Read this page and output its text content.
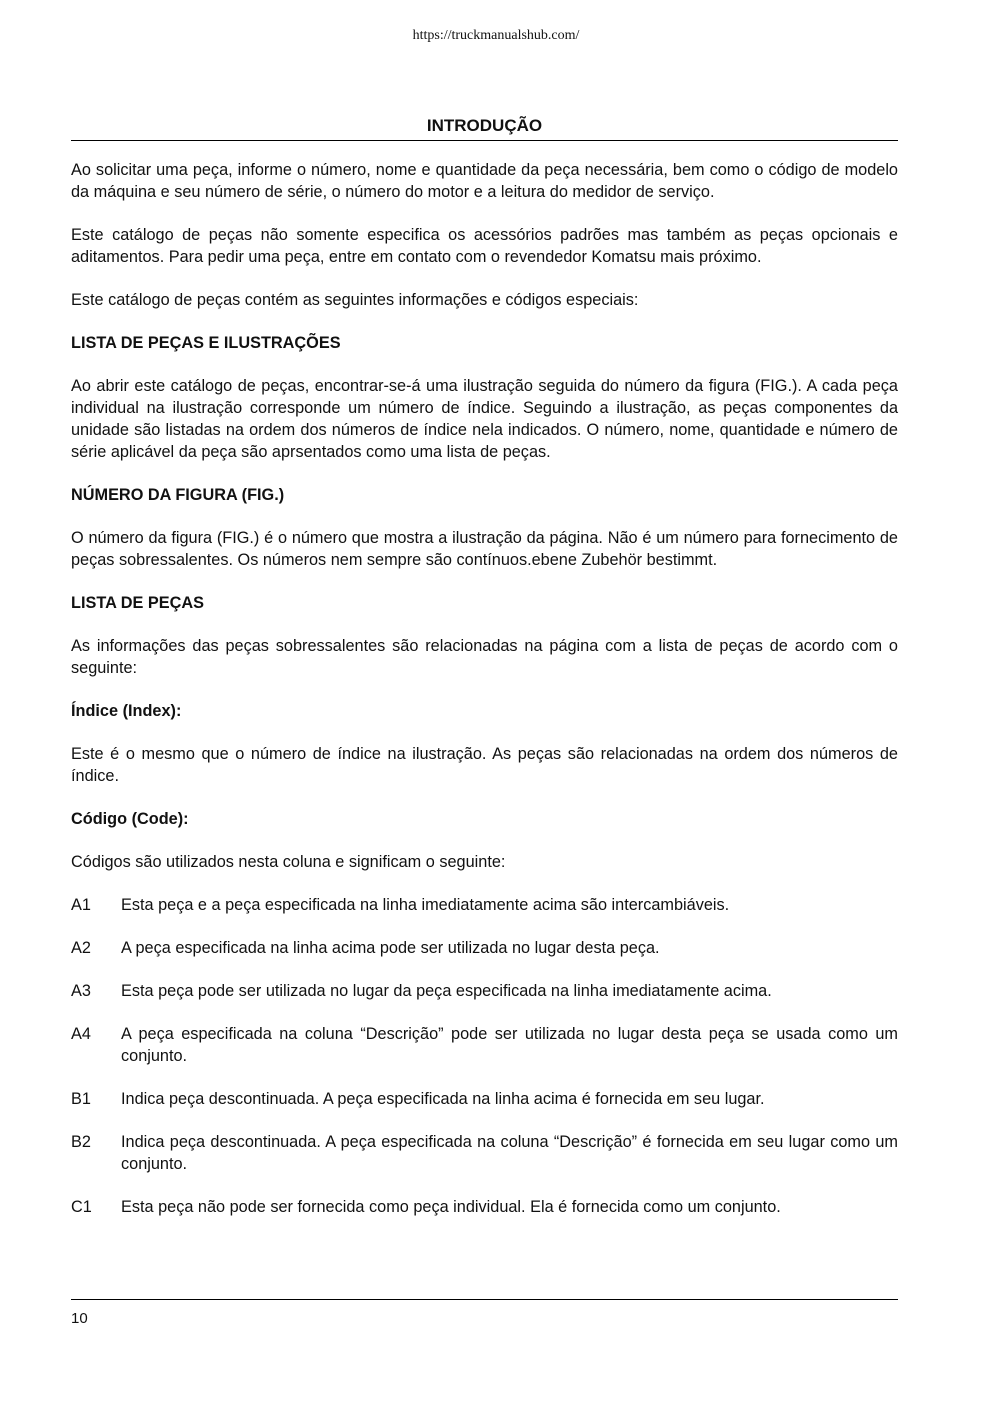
https://truckmanualshub.com/
INTRODUÇÃO

Ao solicitar uma peça, informe o número, nome e quantidade da peça necessária, bem como o código de modelo da máquina e seu número de série, o número do motor e a leitura do medidor de serviço.

Este catálogo de peças não somente especifica os acessórios padrões mas também as peças opcionais e aditamentos. Para pedir uma peça, entre em contato com o revendedor Komatsu mais próximo.

Este catálogo de peças contém as seguintes informações e códigos especiais:

LISTA DE PEÇAS E ILUSTRAÇÕES

Ao abrir este catálogo de peças, encontrar-se-á uma ilustração seguida do número da figura (FIG.). A cada peça individual na ilustração corresponde um número de índice. Seguindo a ilustração, as peças componentes da unidade são listadas na ordem dos números de índice nela indicados. O número, nome, quantidade e número de série aplicável da peça são aprsentados como uma lista de peças.

NÚMERO DA FIGURA (FIG.)

O número da figura (FIG.) é o número que mostra a ilustração da página. Não é um número para fornecimento de peças sobressalentes. Os números nem sempre são contínuos.ebene Zubehör bestimmt.

LISTA DE PEÇAS

As informações das peças sobressalentes são relacionadas na página com a lista de peças de acordo com o seguinte:

Índice (Index):

Este é o mesmo que o número de índice na ilustração. As peças são relacionadas na ordem dos números de índice.

Código (Code):

Códigos são utilizados nesta coluna e significam o seguinte:

A1	Esta peça e a peça especificada na linha imediatamente acima são intercambiáveis.
A2	A peça especificada na linha acima pode ser utilizada no lugar desta peça.
A3	Esta peça pode ser utilizada no lugar da peça especificada na linha imediatamente acima.
A4	A peça especificada na coluna “Descrição” pode ser utilizada no lugar desta peça se usada como um conjunto.
B1	Indica peça descontinuada. A peça especificada na linha acima é fornecida em seu lugar.
B2	Indica peça descontinuada. A peça especificada na coluna “Descrição” é fornecida em seu lugar como um conjunto.
C1	Esta peça não pode ser fornecida como peça individual. Ela é fornecida como um conjunto.
10
